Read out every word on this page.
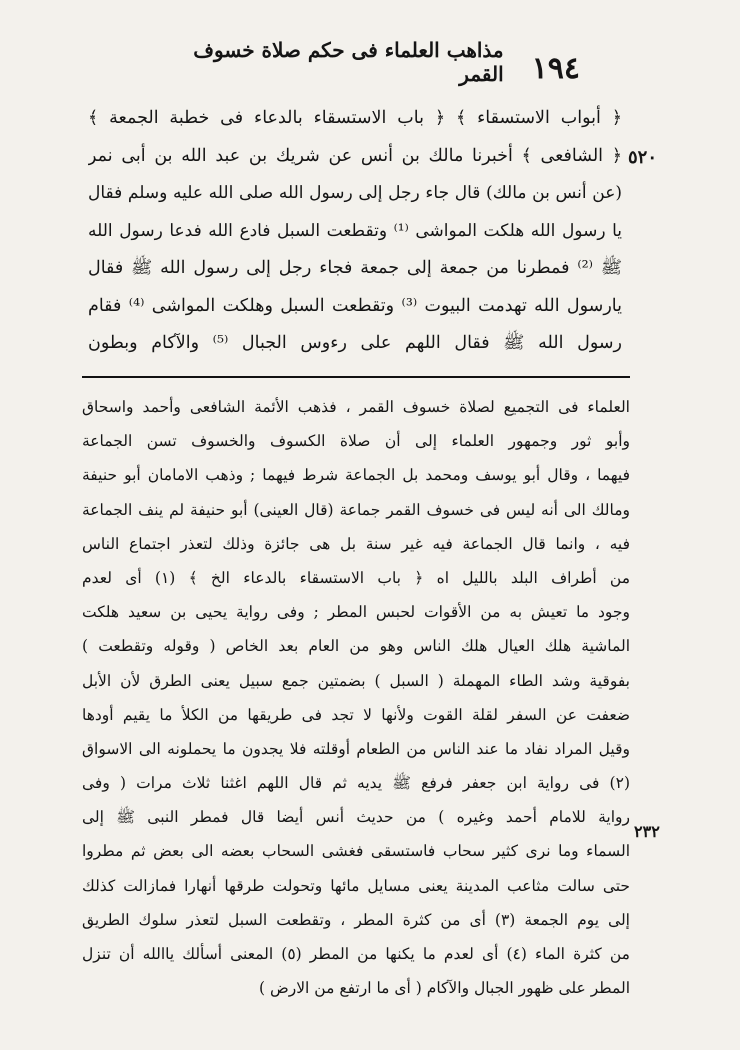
١٩٤
مذاهب العلماء فى حكم صلاة خسوف القمر
٥٢٠
﴿ أبواب الاستسقاء ﴾ ﴿ باب الاستسقاء بالدعاء فى خطبة الجمعة ﴾
﴿ الشافعى ﴾ أخبرنا مالك بن أنس عن شريك بن عبد الله بن أبى نمر
(عن أنس بن مالك) قال جاء رجل إلى رسول الله صلى الله عليه وسلم فقال
يا رسول الله هلكت المواشى ⁽¹⁾ وتقطعت السبل فادع الله فدعا رسول الله
ﷺ ⁽²⁾ فمطرنا من جمعة إلى جمعة فجاء رجل إلى رسول الله ﷺ فقال
يارسول الله تهدمت البيوت ⁽³⁾ وتقطعت السبل وهلكت المواشى ⁽⁴⁾ فقام
رسول الله ﷺ فقال اللهم على رءوس الجبال ⁽⁵⁾ والآكام وبطون
٢٣٢
العلماء فى التجميع لصلاة خسوف القمر ، فذهب الأئمة الشافعى وأحمد واسحاق
وأبو ثور وجمهور العلماء إلى أن صلاة الكسوف والخسوف تسن الجماعة
فيهما ، وقال أبو يوسف ومحمد بل الجماعة شرط فيهما ; وذهب الامامان أبو حنيفة
ومالك الى أنه ليس فى خسوف القمر جماعة (قال العينى) أبو حنيفة لم ينف الجماعة
فيه ، وانما قال الجماعة فيه غير سنة بل هى جائزة وذلك لتعذر اجتماع الناس
من أطراف البلد بالليل اه ﴿ باب الاستسقاء بالدعاء الخ ﴾ (١) أى لعدم
وجود ما تعيش به من الأقوات لحبس المطر ; وفى رواية يحيى بن سعيد هلكت
الماشية هلك العيال هلك الناس وهو من العام بعد الخاص ( وقوله وتقطعت )
بفوقية وشد الطاء المهملة ( السبل ) بضمتين جمع سبيل يعنى الطرق لأن الأبل
ضعفت عن السفر لقلة القوت ولأنها لا تجد فى طريقها من الكلأ ما يقيم أودها
وقيل المراد نفاد ما عند الناس من الطعام أوقلته فلا يجدون ما يحملونه الى الاسواق
(٢) فى رواية ابن جعفر فرفع ﷺ يديه ثم قال اللهم اغثنا ثلاث مرات ( وفى
رواية للامام أحمد وغيره ) من حديث أنس أيضا قال فمطر النبى ﷺ إلى
السماء وما نرى كثير سحاب فاستسقى فغشى السحاب بعضه الى بعض ثم مطروا
حتى سالت مثاعب المدينة يعنى مسايل مائها وتحولت طرقها أنهارا فمازالت كذلك
إلى يوم الجمعة (٣) أى من كثرة المطر ، وتقطعت السبل لتعذر سلوك الطريق
من كثرة الماء (٤) أى لعدم ما يكنها من المطر (٥) المعنى أسألك ياالله أن تنزل
المطر على ظهور الجبال والآكام ( أى ما ارتفع من الارض )
